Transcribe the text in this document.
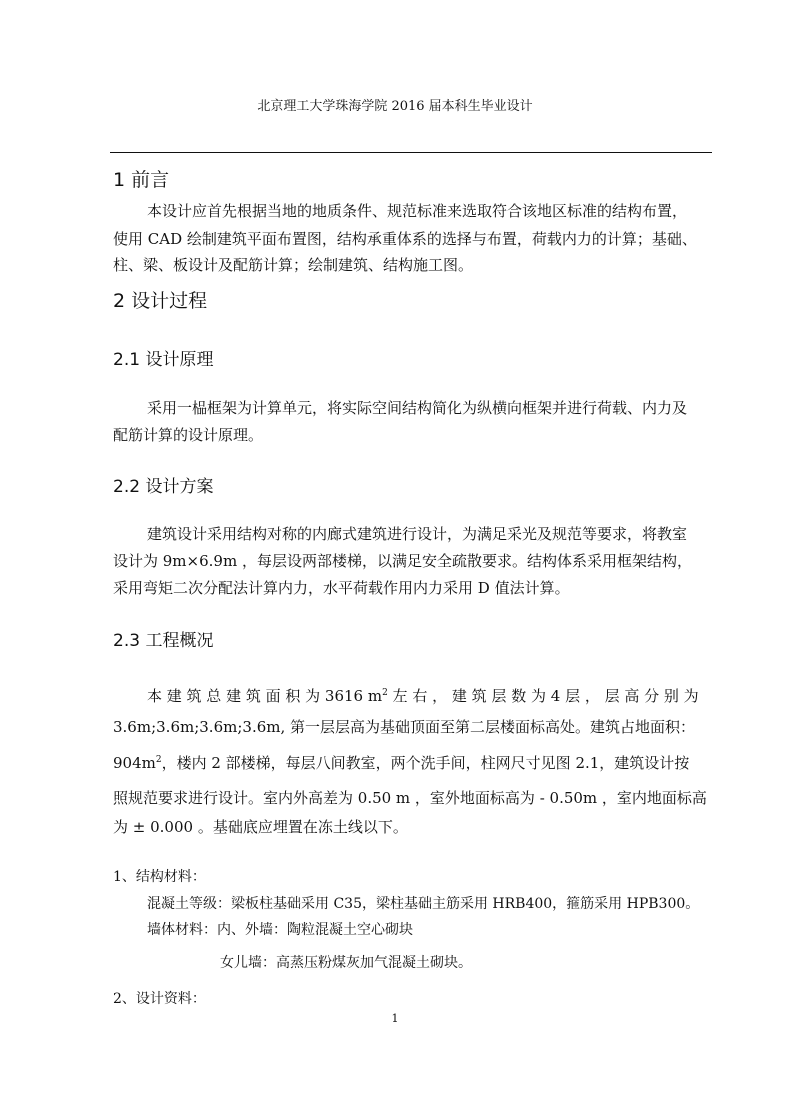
北京理工大学珠海学院 2016 届本科生毕业设计
1 前言
本设计应首先根据当地的地质条件、规范标准来选取符合该地区标准的结构布置，
使用 CAD 绘制建筑平面布置图，结构承重体系的选择与布置，荷载内力的计算；基础、
柱、梁、板设计及配筋计算；绘制建筑、结构施工图。
2 设计过程
2.1 设计原理
采用一榀框架为计算单元，将实际空间结构简化为纵横向框架并进行荷载、内力及
配筋计算的设计原理。
2.2 设计方案
建筑设计采用结构对称的内廊式建筑进行设计，为满足采光及规范等要求，将教室
设计为 9m×6.9m ，每层设两部楼梯，以满足安全疏散要求。结构体系采用框架结构，
采用弯矩二次分配法计算内力，水平荷载作用内力采用 D 值法计算。
2.3 工程概况
本 建 筑 总 建 筑 面 积 为 3616 $m^2$ 左 右 ， 建 筑 层 数 为 4 层 ， 层 高 分 别 为
3.6m;3.6m;3.6m;3.6m, 第一层层高为基础顶面至第二层楼面标高处。建筑占地面积：
$904m^2$，楼内 2 部楼梯，每层八间教室，两个洗手间，柱网尺寸见图 2.1，建筑设计按
照规范要求进行设计。室内外高差为 0.50 m ，室外地面标高为 - 0.50m ，室内地面标高
为 ± 0.000 。基础底应埋置在冻土线以下。
1、结构材料：
混凝土等级：梁板柱基础采用 C35，梁柱基础主筋采用 HRB400，箍筋采用 HPB300。
墙体材料：内、外墙：陶粒混凝土空心砌块
女儿墙：高蒸压粉煤灰加气混凝土砌块。
2、设计资料：
1
